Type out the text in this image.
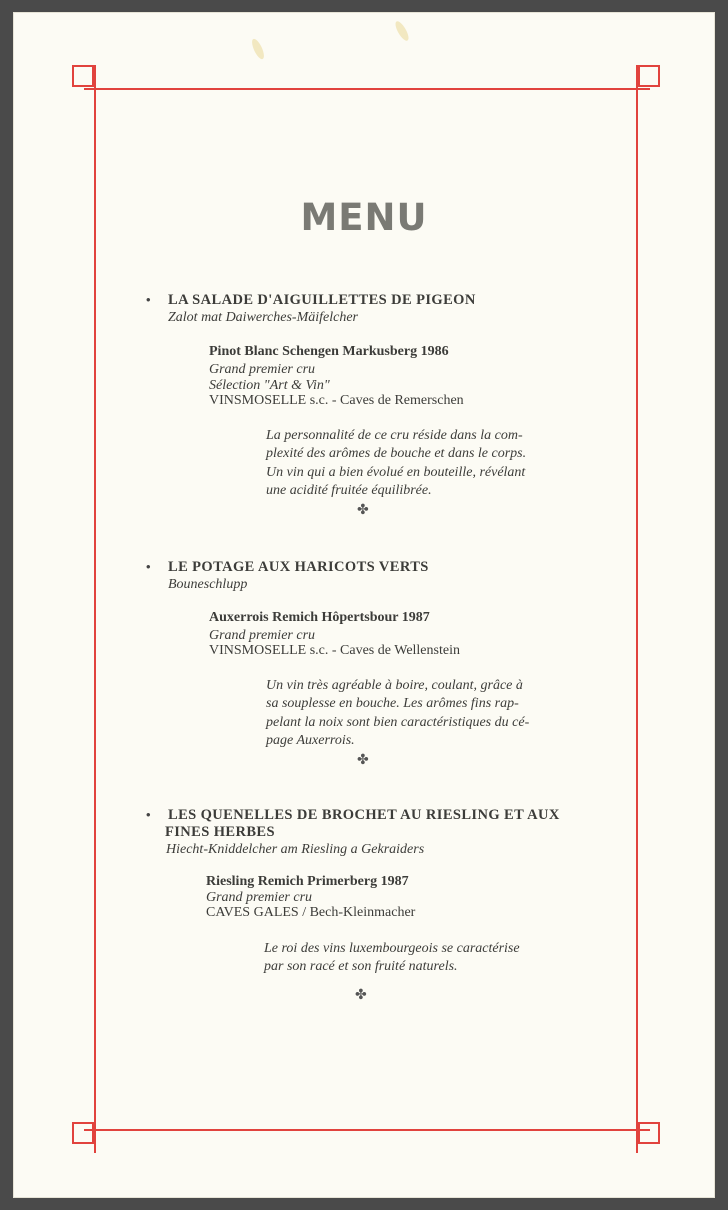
MENU
• LA SALADE D'AIGUILLETTES DE PIGEON
Zalot mat Daiwerches-Mäifelcher
Pinot Blanc Schengen Markusberg 1986
Grand premier cru
Sélection "Art & Vin"
VINSMOSELLE s.c. - Caves de Remerschen
La personnalité de ce cru réside dans la com-
plexité des arômes de bouche et dans le corps.
Un vin qui a bien évolué en bouteille, révélant
une acidité fruitée équilibrée.
✤
• LE POTAGE AUX HARICOTS VERTS
Bouneschlupp
Auxerrois Remich Hôpertsbour 1987
Grand premier cru
VINSMOSELLE s.c. - Caves de Wellenstein
Un vin très agréable à boire, coulant, grâce à
sa souplesse en bouche. Les arômes fins rap-
pelant la noix sont bien caractéristiques du cé-
page Auxerrois.
✤
• LES QUENELLES DE BROCHET AU RIESLING ET AUX
FINES HERBES
Hiecht-Kniddelcher am Riesling a Gekraiders
Riesling Remich Primerberg 1987
Grand premier cru
CAVES GALES / Bech-Kleinmacher
Le roi des vins luxembourgeois se caractérise
par son racé et son fruité naturels.
✤
